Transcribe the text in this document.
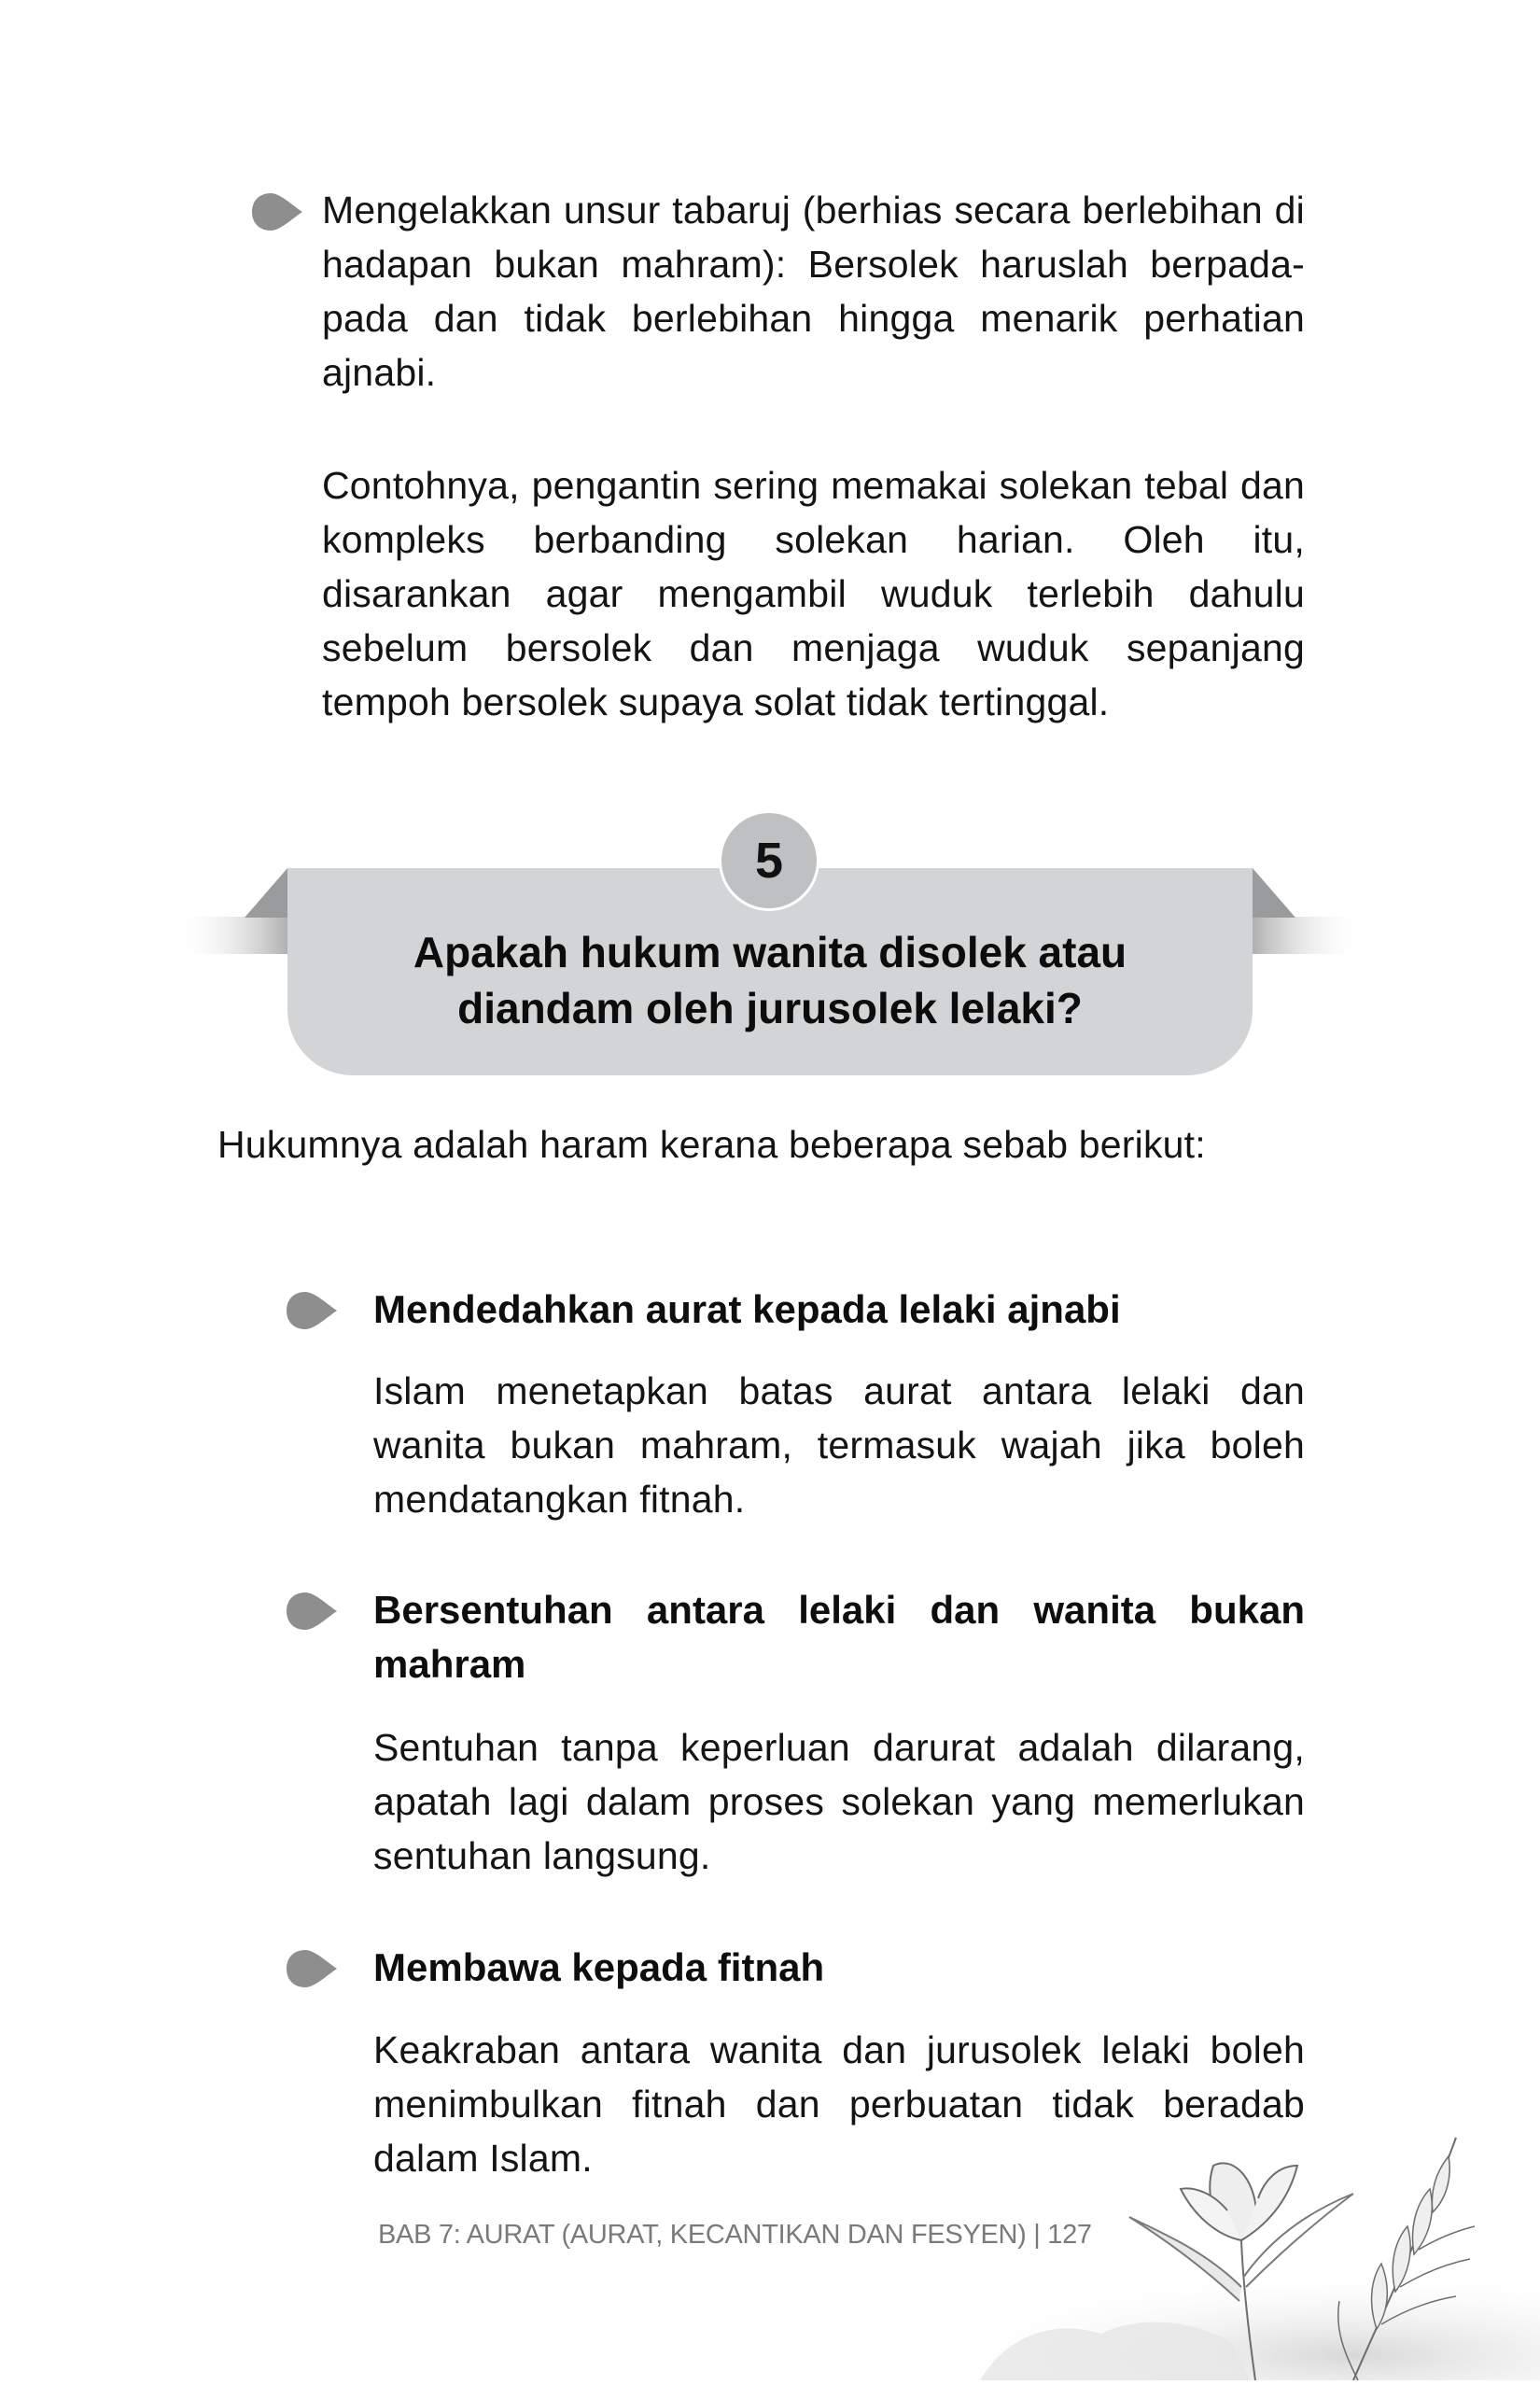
Mengelakkan unsur tabaruj (berhias secara berlebihan di hadapan bukan mahram): Bersolek haruslah berpada-pada dan tidak berlebihan hingga menarik perhatian ajnabi.
Contohnya, pengantin sering memakai solekan tebal dan kompleks berbanding solekan harian. Oleh itu, disarankan agar mengambil wuduk terlebih dahulu sebelum bersolek dan menjaga wuduk sepanjang tempoh bersolek supaya solat tidak tertinggal.
5
Apakah hukum wanita disolek atau
diandam oleh jurusolek lelaki?
Hukumnya adalah haram kerana beberapa sebab berikut:
Mendedahkan aurat kepada lelaki ajnabi
Islam menetapkan batas aurat antara lelaki dan wanita bukan mahram, termasuk wajah jika boleh mendatangkan fitnah.
Bersentuhan antara lelaki dan wanita bukan mahram
Sentuhan tanpa keperluan darurat adalah dilarang, apatah lagi dalam proses solekan yang memerlukan sentuhan langsung.
Membawa kepada fitnah
Keakraban antara wanita dan jurusolek lelaki boleh menimbulkan fitnah dan perbuatan tidak beradab dalam Islam.
BAB 7: AURAT (AURAT, KECANTIKAN DAN FESYEN) | 127
